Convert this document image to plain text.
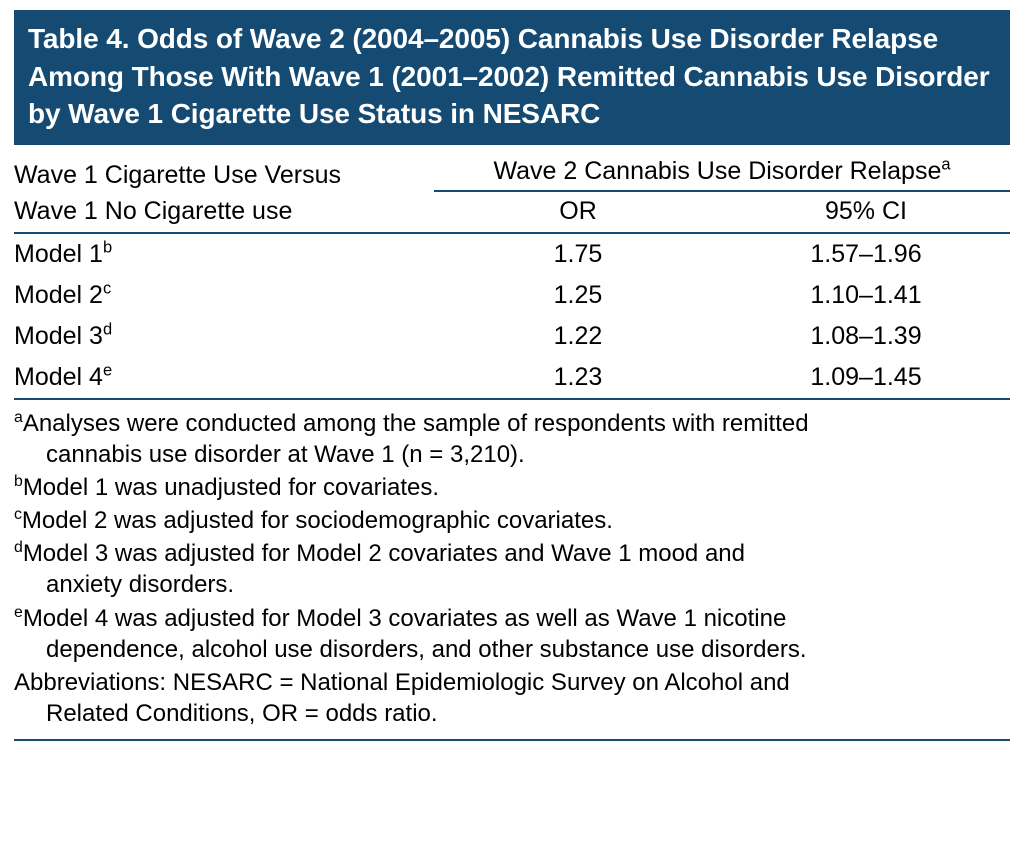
Table 4. Odds of Wave 2 (2004–2005) Cannabis Use Disorder Relapse Among Those With Wave 1 (2001–2002) Remitted Cannabis Use Disorder by Wave 1 Cigarette Use Status in NESARC
Wave 1 Cigarette Use Versus
Wave 1 No Cigarette use
Wave 2 Cannabis Use Disorder Relapse$^a$
OR	95% CI
Model 1$^b$	1.75	1.57–1.96
Model 2$^c$	1.25	1.10–1.41
Model 3$^d$	1.22	1.08–1.39
Model 4e	1.23	1.09–1.45
$^a$Analyses were conducted among the sample of respondents with remitted
cannabis use disorder at Wave 1 (n = 3,210).
$^b$Model 1 was unadjusted for covariates.
$^c$Model 2 was adjusted for sociodemographic covariates.
$^d$Model 3 was adjusted for Model 2 covariates and Wave 1 mood and
anxiety disorders.
$^e$Model 4 was adjusted for Model 3 covariates as well as Wave 1 nicotine
dependence, alcohol use disorders, and other substance use disorders.
Abbreviations: NESARC = National Epidemiologic Survey on Alcohol and
Related Conditions, OR = odds ratio.
